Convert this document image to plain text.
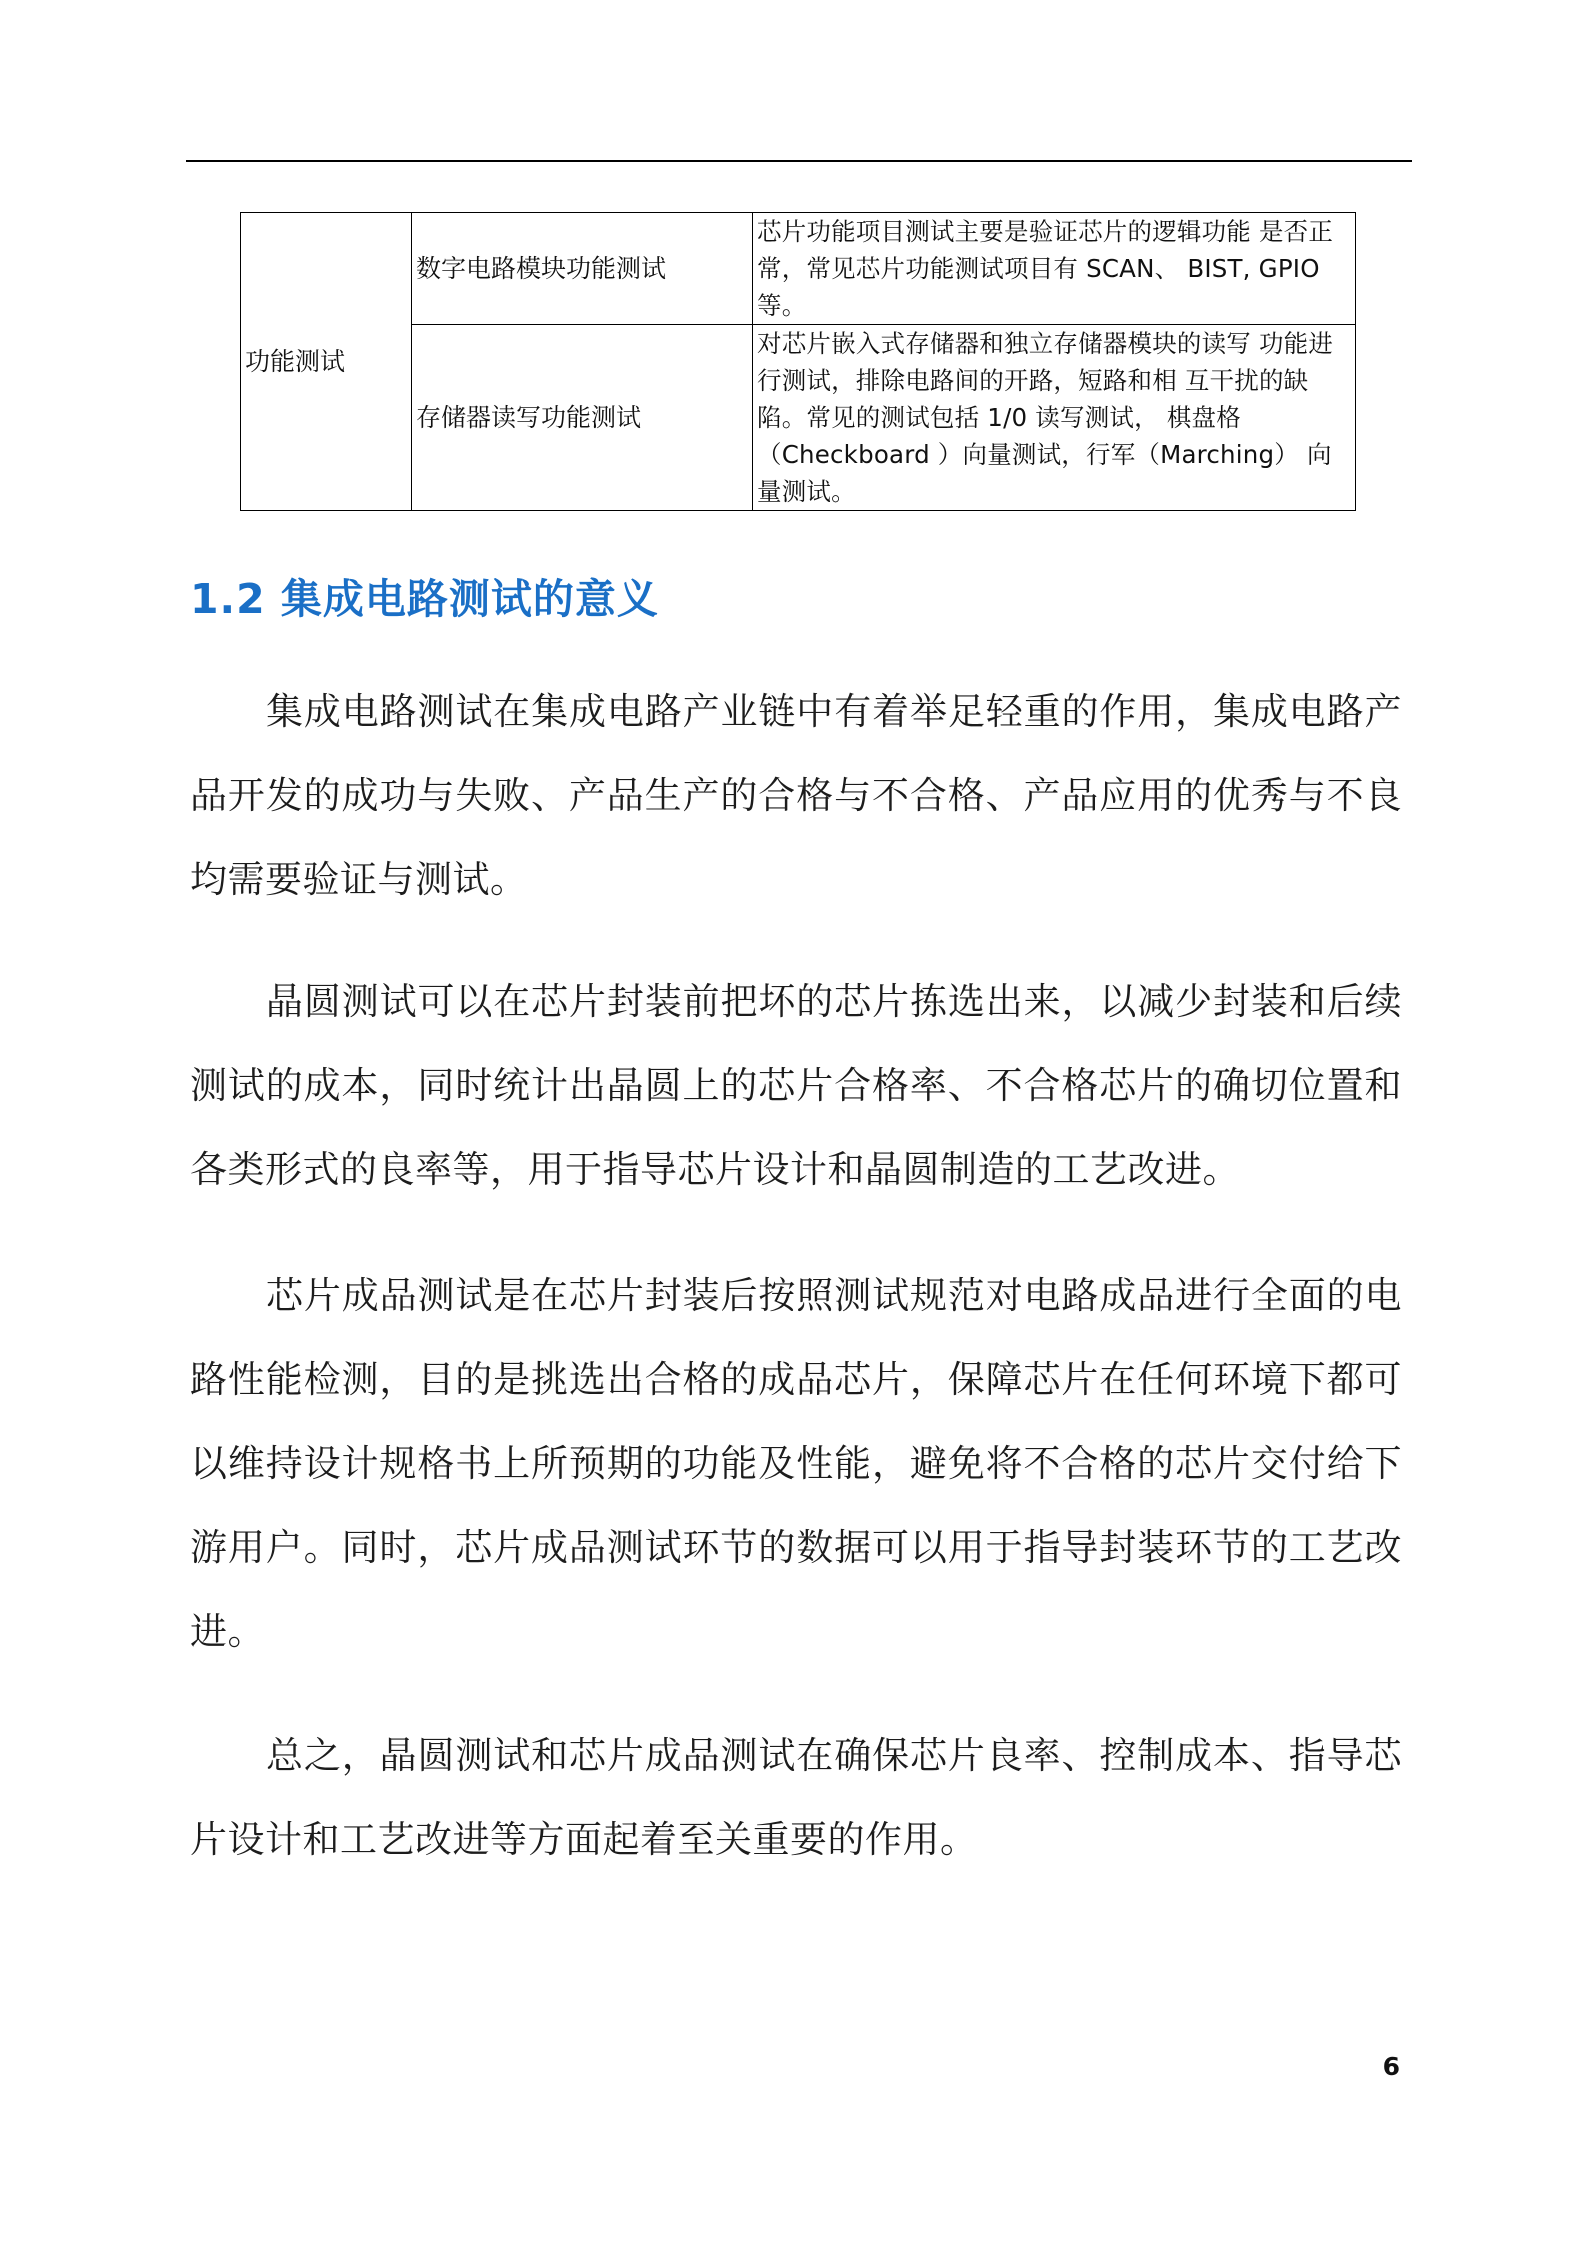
功能测试	数字电路模块功能测试	芯片功能项目测试主要是验证芯片的逻辑功能 是否正常，常见芯片功能测试项目有 SCAN、 BIST, GPIO 等。
	存储器读写功能测试	对芯片嵌入式存储器和独立存储器模块的读写 功能进行测试，排除电路间的开路，短路和相 互干扰的缺陷。常见的测试包括 1/0 读写测试， 棋盘格（Checkboard ）向量测试，行军（Marching） 向量测试。
1.2 集成电路测试的意义

集成电路测试在集成电路产业链中有着举足轻重的作用，集成电路产品开发的成功与失败、产品生产的合格与不合格、产品应用的优秀与不良均需要验证与测试。

晶圆测试可以在芯片封装前把坏的芯片拣选出来，以减少封装和后续测试的成本，同时统计出晶圆上的芯片合格率、不合格芯片的确切位置和各类形式的良率等，用于指导芯片设计和晶圆制造的工艺改进。

芯片成品测试是在芯片封装后按照测试规范对电路成品进行全面的电路性能检测，目的是挑选出合格的成品芯片，保障芯片在任何环境下都可以维持设计规格书上所预期的功能及性能，避免将不合格的芯片交付给下游用户。同时，芯片成品测试环节的数据可以用于指导封装环节的工艺改进。

总之，晶圆测试和芯片成品测试在确保芯片良率、控制成本、指导芯片设计和工艺改进等方面起着至关重要的作用。

6
